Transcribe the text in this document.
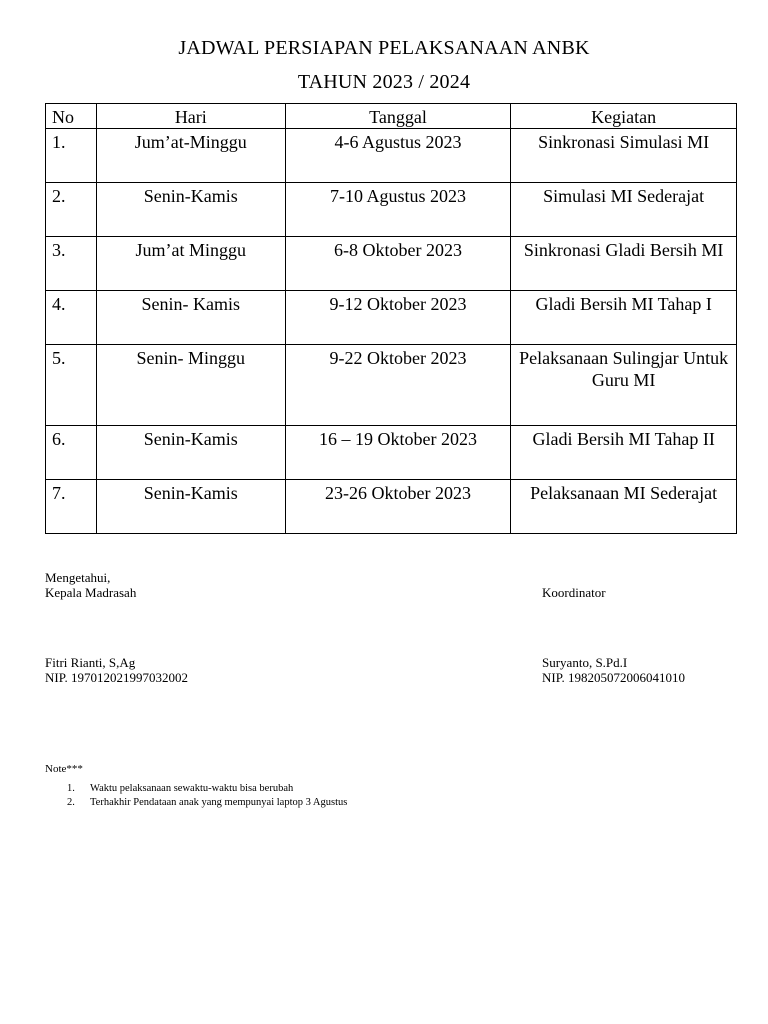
JADWAL PERSIAPAN PELAKSANAAN ANBK
TAHUN 2023 / 2024
No	Hari	Tanggal	Kegiatan
1.	Jum’at-Minggu	4-6 Agustus 2023	Sinkronasi Simulasi MI
2.	Senin-Kamis	7-10 Agustus 2023	Simulasi MI Sederajat
3.	Jum’at Minggu	6-8 Oktober 2023	Sinkronasi Gladi Bersih MI
4.	Senin- Kamis	9-12 Oktober 2023	Gladi Bersih MI Tahap I
5.	Senin- Minggu	9-22 Oktober 2023	Pelaksanaan Sulingjar Untuk Guru MI
6.	Senin-Kamis	16 – 19 Oktober 2023	Gladi Bersih MI Tahap II
7.	Senin-Kamis	23-26 Oktober 2023	Pelaksanaan MI Sederajat
Mengetahui,
Kepala Madrasah	Koordinator
Fitri Rianti, S,Ag
NIP. 197012021997032002
Suryanto, S.Pd.I
NIP. 198205072006041010
Note***
1.	Waktu pelaksanaan sewaktu-waktu bisa berubah
2.	Terhakhir Pendataan anak yang mempunyai laptop 3 Agustus
